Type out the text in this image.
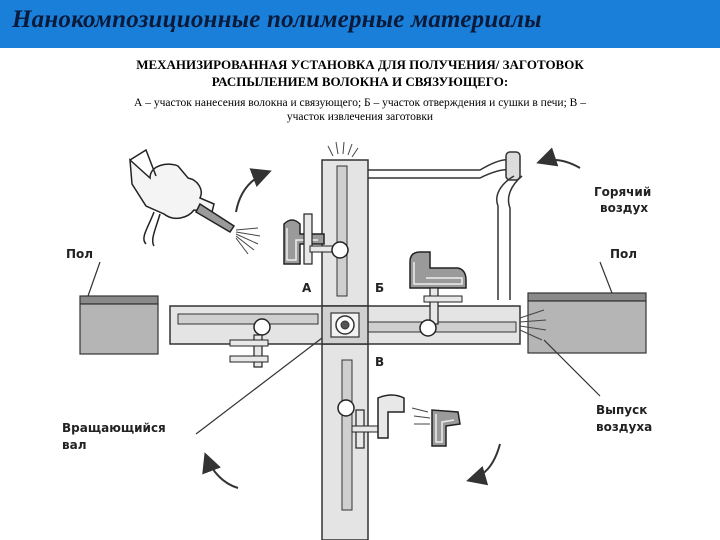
Нанокомпозиционные полимерные материалы
МЕХАНИЗИРОВАННАЯ УСТАНОВКА ДЛЯ ПОЛУЧЕНИЯ/ ЗАГОТОВОК
РАСПЫЛЕНИЕМ ВОЛОКНА И СВЯЗУЮЩЕГО:
А – участок нанесения волокна и связующего; Б – участок отверждения и сушки в печи; В –
участок извлечения заготовки
Пол	Пол
Горячий
воздух
Вращающийся
вал
Выпуск
воздуха
А	Б
В
